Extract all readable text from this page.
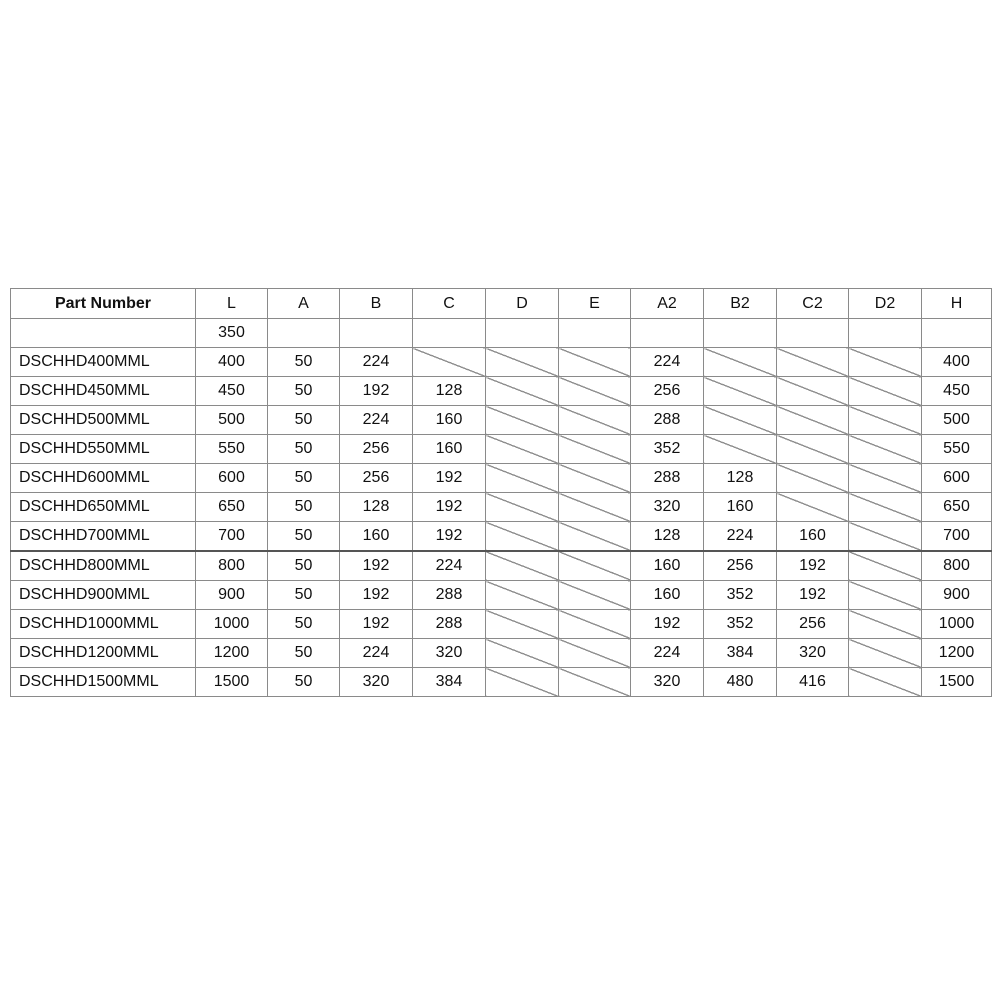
Part Number	L	A	B	C	D	E	A2	B2	C2	D2	H
	350										
DSCHHD400MML	400	50	224				224				400
DSCHHD450MML	450	50	192	128			256				450
DSCHHD500MML	500	50	224	160			288				500
DSCHHD550MML	550	50	256	160			352				550
DSCHHD600MML	600	50	256	192			288	128			600
DSCHHD650MML	650	50	128	192			320	160			650
DSCHHD700MML	700	50	160	192			128	224	160		700
DSCHHD800MML	800	50	192	224			160	256	192		800
DSCHHD900MML	900	50	192	288			160	352	192		900
DSCHHD1000MML	1000	50	192	288			192	352	256		1000
DSCHHD1200MML	1200	50	224	320			224	384	320		1200
DSCHHD1500MML	1500	50	320	384			320	480	416		1500
